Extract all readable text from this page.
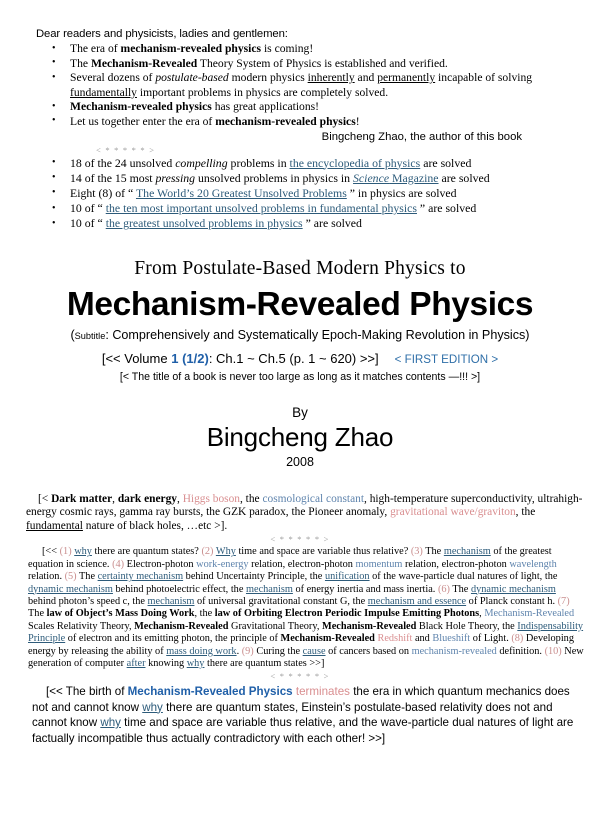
Dear readers and physicists, ladies and gentlemen:
• The era of mechanism-revealed physics is coming!
• The Mechanism-Revealed Theory System of Physics is established and verified.
• Several dozens of postulate-based modern physics inherently and permanently incapable of solving fundamentally important problems in physics are completely solved.
• Mechanism-revealed physics has great applications!
• Let us together enter the era of mechanism-revealed physics!
Bingcheng Zhao, the author of this book
< * * * * * >
• 18 of the 24 unsolved compelling problems in the encyclopedia of physics are solved
• 14 of the 15 most pressing unsolved problems in physics in Science Magazine are solved
• Eight (8) of “ The World’s 20 Greatest Unsolved Problems ” in physics are solved
• 10 of “ the ten most important unsolved problems in fundamental physics ” are solved
• 10 of “ the greatest unsolved problems in physics ” are solved
From Postulate-Based Modern Physics to
Mechanism-Revealed Physics
(Subtitle: Comprehensively and Systematically Epoch-Making Revolution in Physics)
[<< Volume 1 (1/2): Ch.1 ~ Ch.5 (p. 1 ~ 620) >>] < FIRST EDITION >
[< The title of a book is never too large as long as it matches contents —!!! >]
By
Bingcheng Zhao
2008
[< Dark matter, dark energy, Higgs boson, the cosmological constant, high-temperature superconductivity, ultrahigh-energy cosmic rays, gamma ray bursts, the GZK paradox, the Pioneer anomaly, gravitational wave/graviton, the fundamental nature of black holes, …etc >].
< * * * * * >
[<< (1) why there are quantum states? (2) Why time and space are variable thus relative? (3) The mechanism of the greatest equation in science. (4) Electron-photon work-energy relation, electron-photon momentum relation, electron-photon wavelength relation. (5) The certainty mechanism behind Uncertainty Principle, the unification of the wave-particle dual natures of light, the dynamic mechanism behind photoelectric effect, the mechanism of energy inertia and mass inertia. (6) The dynamic mechanism behind photon’s speed c, the mechanism of universal gravitational constant G, the mechanism and essence of Planck constant h. (7) The law of Object’s Mass Doing Work, the law of Orbiting Electron Periodic Impulse Emitting Photons, Mechanism-Revealed Scales Relativity Theory, Mechanism-Revealed Gravitational Theory, Mechanism-Revealed Black Hole Theory, the Indispensability Principle of electron and its emitting photon, the principle of Mechanism-Revealed Redshift and Blueshift of Light. (8) Developing energy by releasing the ability of mass doing work. (9) Curing the cause of cancers based on mechanism-revealed definition. (10) New generation of computer after knowing why there are quantum states >>]
< * * * * * >
[<< The birth of Mechanism-Revealed Physics terminates the era in which quantum mechanics does not and cannot know why there are quantum states, Einstein’s postulate-based relativity does not and cannot know why time and space are variable thus relative, and the wave-particle dual natures of light are factually incompatible thus actually contradictory with each other! >>]
